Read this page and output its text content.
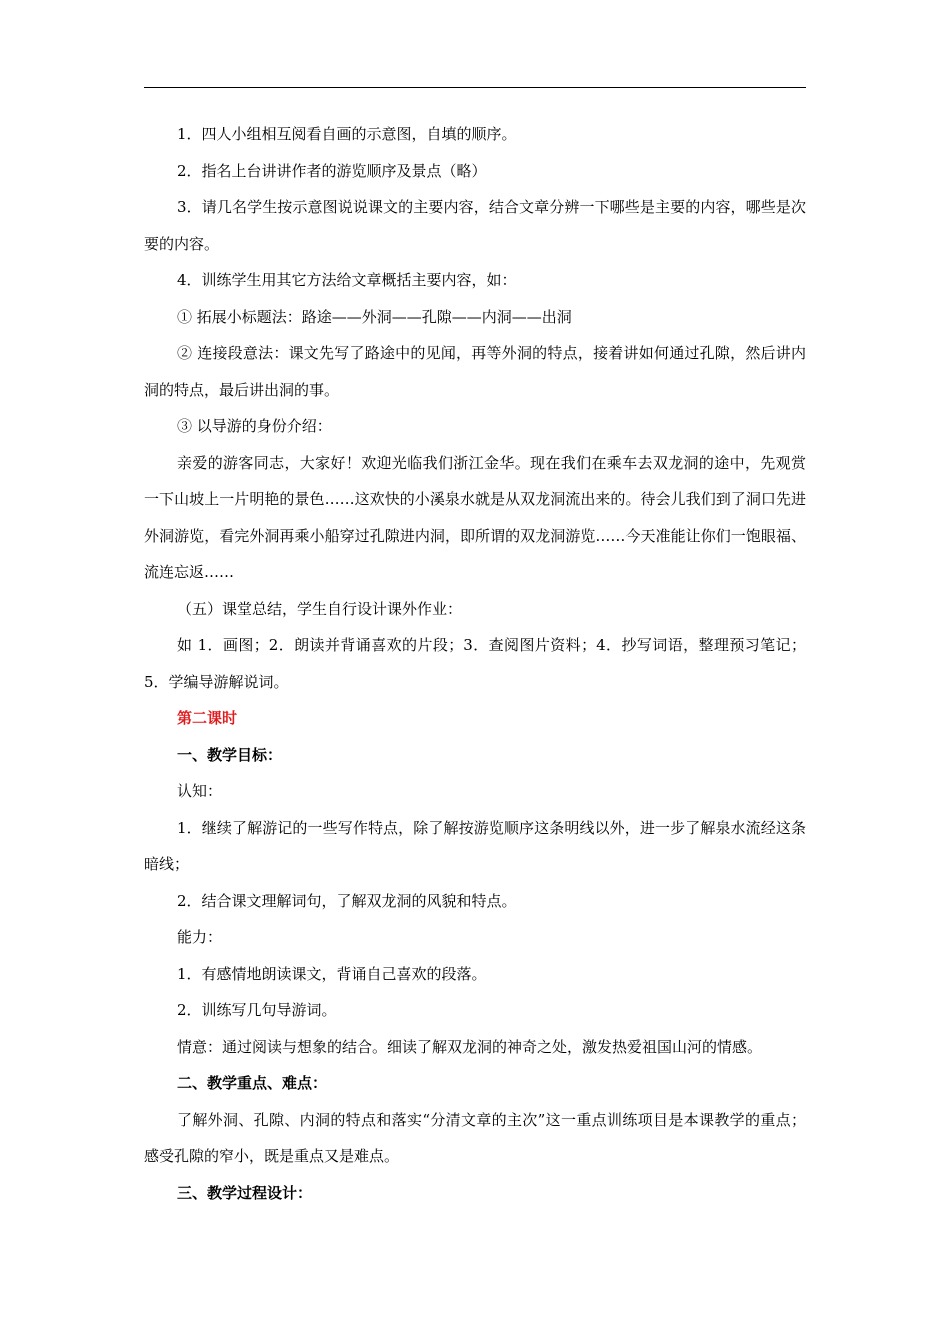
1．四人小组相互阅看自画的示意图，自填的顺序。

2．指名上台讲讲作者的游览顺序及景点（略）

3．请几名学生按示意图说说课文的主要内容，结合文章分辨一下哪些是主要的内容，哪些是次要的内容。

4．训练学生用其它方法给文章概括主要内容，如：

① 拓展小标题法：路途——外洞——孔隙——内洞——出洞

② 连接段意法：课文先写了路途中的见闻，再等外洞的特点，接着讲如何通过孔隙，然后讲内洞的特点，最后讲出洞的事。

③ 以导游的身份介绍：

亲爱的游客同志，大家好！欢迎光临我们浙江金华。现在我们在乘车去双龙洞的途中，先观赏一下山坡上一片明艳的景色……这欢快的小溪泉水就是从双龙洞流出来的。待会儿我们到了洞口先进外洞游览，看完外洞再乘小船穿过孔隙进内洞，即所谓的双龙洞游览……今天准能让你们一饱眼福、流连忘返……

（五）课堂总结，学生自行设计课外作业：

如 1．画图；2．朗读并背诵喜欢的片段；3．查阅图片资料；4．抄写词语，整理预习笔记；5．学编导游解说词。

第二课时

一、教学目标：

认知：

1．继续了解游记的一些写作特点，除了解按游览顺序这条明线以外，进一步了解泉水流经这条暗线；

2．结合课文理解词句，了解双龙洞的风貌和特点。

能力：

1．有感情地朗读课文，背诵自己喜欢的段落。

2．训练写几句导游词。

情意：通过阅读与想象的结合。细读了解双龙洞的神奇之处，激发热爱祖国山河的情感。

二、教学重点、难点：

了解外洞、孔隙、内洞的特点和落实“分清文章的主次”这一重点训练项目是本课教学的重点；感受孔隙的窄小，既是重点又是难点。

三、教学过程设计：
